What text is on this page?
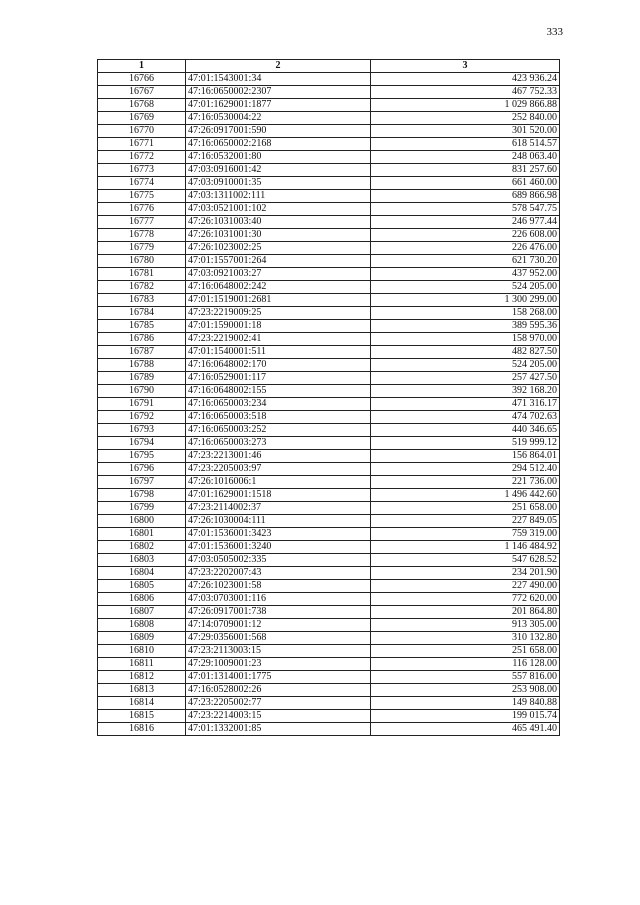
333
1	2	3
16766	47:01:1543001:34	423 936.24
16767	47:16:0650002:2307	467 752.33
16768	47:01:1629001:1877	1 029 866.88
16769	47:16:0530004:22	252 840.00
16770	47:26:0917001:590	301 520.00
16771	47:16:0650002:2168	618 514.57
16772	47:16:0532001:80	248 063.40
16773	47:03:0916001:42	831 257.60
16774	47:03:0910001:35	661 460.00
16775	47:03:1311002:111	689 866.98
16776	47:03:0521001:102	578 547.75
16777	47:26:1031003:40	246 977.44
16778	47:26:1031001:30	226 608.00
16779	47:26:1023002:25	226 476.00
16780	47:01:1557001:264	621 730.20
16781	47:03:0921003:27	437 952.00
16782	47:16:0648002:242	524 205.00
16783	47:01:1519001:2681	1 300 299.00
16784	47:23:2219009:25	158 268.00
16785	47:01:1590001:18	389 595.36
16786	47:23:2219002:41	158 970.00
16787	47:01:1540001:511	482 827.50
16788	47:16:0648002:170	524 205.00
16789	47:16:0529001:117	257 427.50
16790	47:16:0648002:155	392 168.20
16791	47:16:0650003:234	471 316.17
16792	47:16:0650003:518	474 702.63
16793	47:16:0650003:252	440 346.65
16794	47:16:0650003:273	519 999.12
16795	47:23:2213001:46	156 864.01
16796	47:23:2205003:97	294 512.40
16797	47:26:1016006:1	221 736.00
16798	47:01:1629001:1518	1 496 442.60
16799	47:23:2114002:37	251 658.00
16800	47:26:1030004:111	227 849.05
16801	47:01:1536001:3423	759 319.00
16802	47:01:1536001:3240	1 146 484.92
16803	47:03:0505002:335	547 628.52
16804	47:23:2202007:43	234 201.90
16805	47:26:1023001:58	227 490.00
16806	47:03:0703001:116	772 620.00
16807	47:26:0917001:738	201 864.80
16808	47:14:0709001:12	913 305.00
16809	47:29:0356001:568	310 132.80
16810	47:23:2113003:15	251 658.00
16811	47:29:1009001:23	116 128.00
16812	47:01:1314001:1775	557 816.00
16813	47:16:0528002:26	253 908.00
16814	47:23:2205002:77	149 840.88
16815	47:23:2214003:15	199 015.74
16816	47:01:1332001:85	465 491.40
